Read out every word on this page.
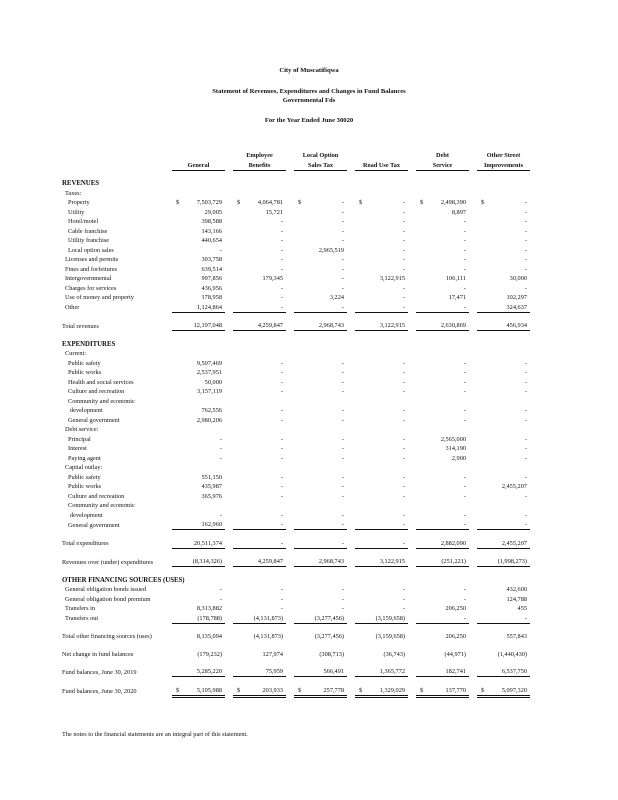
City of Muscatifiqwa
Statement of Revenues, Expenditures and Changes in Fund Balances
Governmental Fds
For the Year Ended June 30020
				Employee		Local Option				Debt		Other Street
		General		Benefits		Sales Tax		Road Use Tax		Service		Improvements

REVENUES												
Taxes:												
Property		$ 7,503,729		$ 4,064,781		$ -		$ -		$ 2,498,390		$ -
Utility		29,005		15,721		-		-		8,897		-
Hotel/motel		398,588		-		-		-		-		-
Cable franchise		143,166		-		-		-		-		-
Utility franchise		440,654		-		-		-		-		-
Local option sales		-		-		2,965,519		-		-		-
Licenses and permits		303,758		-		-		-		-		-
Fines and forfeitures		639,514		-		-		-		-		-
Intergovernmental		997,856		179,345		-		3,122,915		106,111		30,000
Charges for services		436,956		-		-		-		-		-
Use of money and property		178,958		-		3,224		-		17,471		102,297
Other		1,124,864		-		-		-		-		324,637

Total revenues		12,197,048		4,259,847		2,968,743		3,122,915		2,630,869		456,934

EXPENDITURES												
Current:												
Public safety		9,507,469		-		-		-		-		-
Public works		2,537,951		-		-		-		-		-
Health and social services		50,000		-		-		-		-		-
Culture and recreation		3,157,119		-		-		-		-		-
Community and economic												
development		762,556		-		-		-		-		-
General government		2,980,206		-		-		-		-		-
Debt service:												
Principal		-		-		-		-		2,565,000		-
Interest		-		-		-		-		314,190		-
Paying agent		-		-		-		-		2,900		-
Capital outlay:												
Public safety		551,150		-		-		-		-		-
Public works		435,987		-		-		-		-		2,455,207
Culture and recreation		365,976		-		-		-		-		-
Community and economic												
development		-		-		-		-		-		-
General government		162,960		-		-		-		-		-

Total expenditures		20,511,374		-		-		-		2,882,090		2,455,207

Revenues over (under) expenditures		(8,314,326)		4,259,847		2,968,743		3,122,915		(251,221)		(1,998,273)

OTHER FINANCING SOURCES (USES)												
General obligation bonds issued		-		-		-		-		-		432,600
General obligation bond premium		-		-		-		-		-		124,788
Transfers in		8,313,882		-		-		-		206,250		455
Transfers out		(178,788)		(4,131,873)		(3,277,456)		(3,159,658)		-		-

Total other financing sources (uses)		8,135,094		(4,131,873)		(3,277,456)		(3,159,658)		206,250		557,843

Net change in fund balances		(179,232)		127,974		(308,713)		(36,743)		(44,971)		(1,440,430)

Fund balances, June 30, 2019		5,285,220		75,959		566,491		1,365,772		182,741		6,537,750

Fund balances, June 30, 2020		$ 5,105,988		$ 203,933		$ 257,778		$ 1,329,029		$ 137,770		$ 5,097,320
The notes to the financial statements are an integral part of this statement.
